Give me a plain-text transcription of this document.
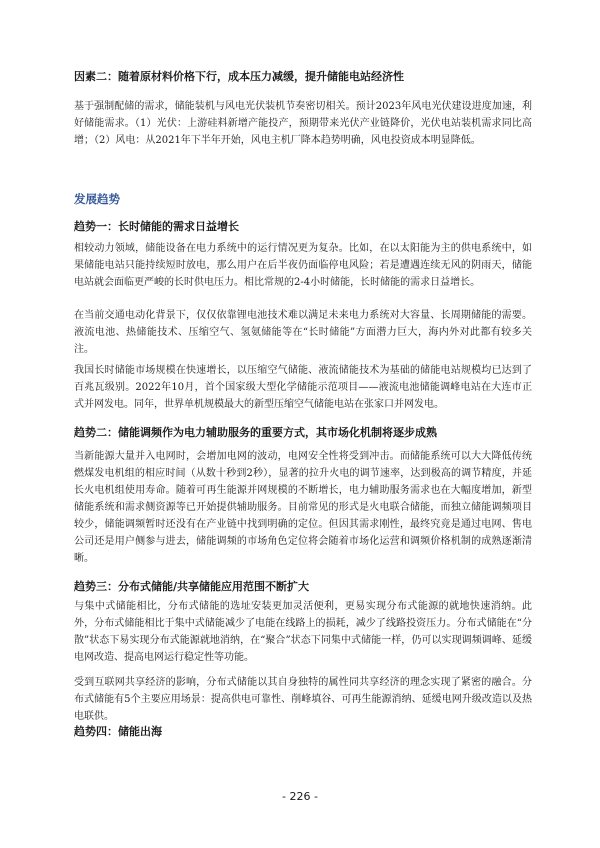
因素二：随着原材料价格下行，成本压力减缓，提升储能电站经济性

基于强制配储的需求，储能装机与风电光伏装机节奏密切相关。预计2023年风电光伏建设进度加速，利好储能需求。（1）光伏：上游硅料新增产能投产，预期带来光伏产业链降价，光伏电站装机需求同比高增；（2）风电：从2021年下半年开始，风电主机厂降本趋势明确，风电投资成本明显降低。

发展趋势

趋势一：长时储能的需求日益增长

相较动力领域，储能设备在电力系统中的运行情况更为复杂。比如，在以太阳能为主的供电系统中，如果储能电站只能持续短时放电，那么用户在后半夜仍面临停电风险；若是遭遇连续无风的阴雨天，储能电站就会面临更严峻的长时供电压力。相比常规的2-4小时储能，长时储能的需求日益增长。

在当前交通电动化背景下，仅仅依靠锂电池技术难以满足未来电力系统对大容量、长周期储能的需要。液流电池、热储能技术、压缩空气、氢氨储能等在“长时储能”方面潜力巨大，海内外对此都有较多关注。

我国长时储能市场规模在快速增长，以压缩空气储能、液流储能技术为基础的储能电站规模均已达到了百兆瓦级别。2022年10月，首个国家级大型化学储能示范项目——液流电池储能调峰电站在大连市正式并网发电。同年，世界单机规模最大的新型压缩空气储能电站在张家口并网发电。

趋势二：储能调频作为电力辅助服务的重要方式，其市场化机制将逐步成熟

当新能源大量并入电网时，会增加电网的波动，电网安全性将受到冲击。而储能系统可以大大降低传统燃煤发电机组的相应时间（从数十秒到2秒），显著的拉升火电的调节速率，达到极高的调节精度，并延长火电机组使用寿命。随着可再生能源并网规模的不断增长，电力辅助服务需求也在大幅度增加，新型储能系统和需求侧资源等已开始提供辅助服务。目前常见的形式是火电联合储能，而独立储能调频项目较少，储能调频暂时还没有在产业链中找到明确的定位。但因其需求刚性，最终究竟是通过电网、售电公司还是用户侧参与进去，储能调频的市场角色定位将会随着市场化运营和调频价格机制的成熟逐渐清晰。

趋势三：分布式储能/共享储能应用范围不断扩大

与集中式储能相比，分布式储能的选址安装更加灵活便利，更易实现分布式能源的就地快速消纳。此外，分布式储能相比于集中式储能减少了电能在线路上的损耗，减少了线路投资压力。分布式储能在“分散”状态下易实现分布式能源就地消纳，在“聚合”状态下同集中式储能一样，仍可以实现调频调峰、延缓电网改造、提高电网运行稳定性等功能。

受到互联网共享经济的影响，分布式储能以其自身独特的属性同共享经济的理念实现了紧密的融合。分布式储能有5个主要应用场景：提高供电可靠性、削峰填谷、可再生能源消纳、延缓电网升级改造以及热电联供。

趋势四：储能出海

- 226 -
